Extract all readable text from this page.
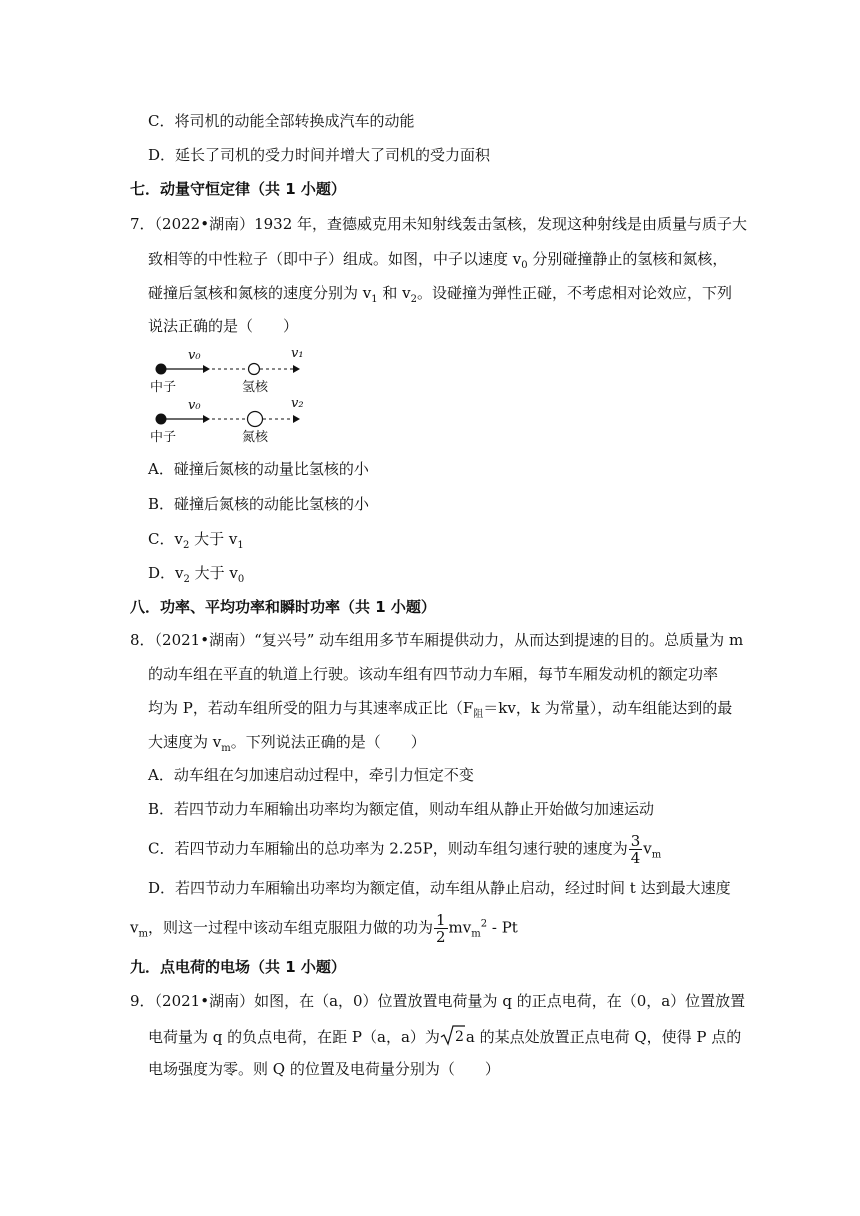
C．将司机的动能全部转换成汽车的动能
D．延长了司机的受力时间并增大了司机的受力面积
七．动量守恒定律（共 1 小题）
7．（2022•湖南）1932 年，查德威克用未知射线轰击氢核，发现这种射线是由质量与质子大
致相等的中性粒子（即中子）组成。如图，中子以速度 $v_0$ 分别碰撞静止的氢核和氮核，
碰撞后氢核和氮核的速度分别为 $v_1$ 和 $v_2$。设碰撞为弹性正碰，不考虑相对论效应，下列
说法正确的是（　　）
v₀	v₁
中子	氢核
v₀	v₂
中子	氮核
A．碰撞后氮核的动量比氢核的小
B．碰撞后氮核的动能比氢核的小
C．$v_2$ 大于 $v_1$
D．$v_2$ 大于 $v_0$
八．功率、平均功率和瞬时功率（共 1 小题）
8．（2021•湖南）“复兴号” 动车组用多节车厢提供动力，从而达到提速的目的。总质量为 m
的动车组在平直的轨道上行驶。该动车组有四节动力车厢，每节车厢发动机的额定功率
均为 P，若动车组所受的阻力与其速率成正比（$F_阻=kv$，k 为常量），动车组能达到的最
大速度为 $v_m$。下列说法正确的是（　　）
A．动车组在匀加速启动过程中，牵引力恒定不变
B．若四节动力车厢输出功率均为额定值，则动车组从静止开始做匀加速运动
C．若四节动力车厢输出的总功率为 2.25P，则动车组匀速行驶的速度为 $\frac{3}{4} v_m$
D．若四节动力车厢输出功率均为额定值，动车组从静止启动，经过时间 t 达到最大速度
$v_m$，则这一过程中该动车组克服阻力做的功为 $\frac{1}{2} mv_m^2$ - Pt
九．点电荷的电场（共 1 小题）
9．（2021•湖南）如图，在（a，0）位置放置电荷量为 q 的正点电荷，在（0，a）位置放置
电荷量为 q 的负点电荷，在距 P（a，a）为 2 a 的某点处放置正点电荷 Q，使得 P 点的
电场强度为零。则 Q 的位置及电荷量分别为（　　）
